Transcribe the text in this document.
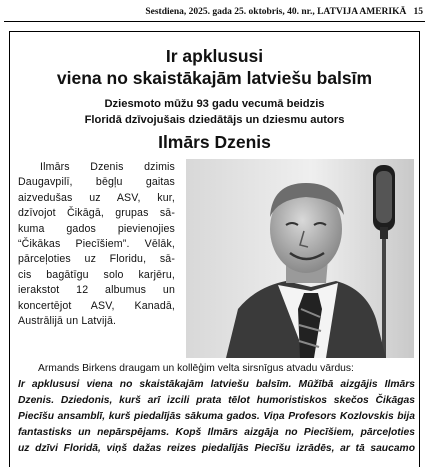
Sestdiena, 2025. gada 25. oktobris, 40. nr., LATVIJA AMERIKĀ 15
Ir apklususi
viena no skaistākajām latviešu balsīm
Dziesmoto mūžu 93 gadu vecumā beidzis
Floridā dzīvojušais dziedātājs un dziesmu autors
Ilmārs Dzenis

Ilmārs Dzenis dzimis

Daugavpilī, bēgļu gaitas

aizvedušas uz ASV, kur,

dzīvojot Čikāgā, grupas sā-

kuma gados pievienojies

“Čikākas Piecīšiem”. Vēlāk,

pārceļoties uz Floridu, sā-

cis bagātīgu solo karjēru,

ierakstot 12 albumus un

koncertējot ASV, Kanadā,

Austrālijā un Latvijā.

Armands Birkens draugam un kollēģim velta sirsnīgus atvadu vārdus:
Ir apklususi viena no skaistākajām latviešu balsīm. Mūžībā aizgājis Ilmārs
Dzenis. Dziedonis, kurš arī izcili prata tēlot humoristiskos skečos Čikāgas
Piecīšu ansamblī, kurš piedalījās sākuma gados. Viņa Profesors Kozlovskis bija
fantastisks un nepārspējams. Kopš Ilmārs aizgāja no Piecīšiem, pārceļoties
uz dzīvi Floridā, viņš dažas reizes piedalījās Piecīšu izrādēs, ar tā saucamo
